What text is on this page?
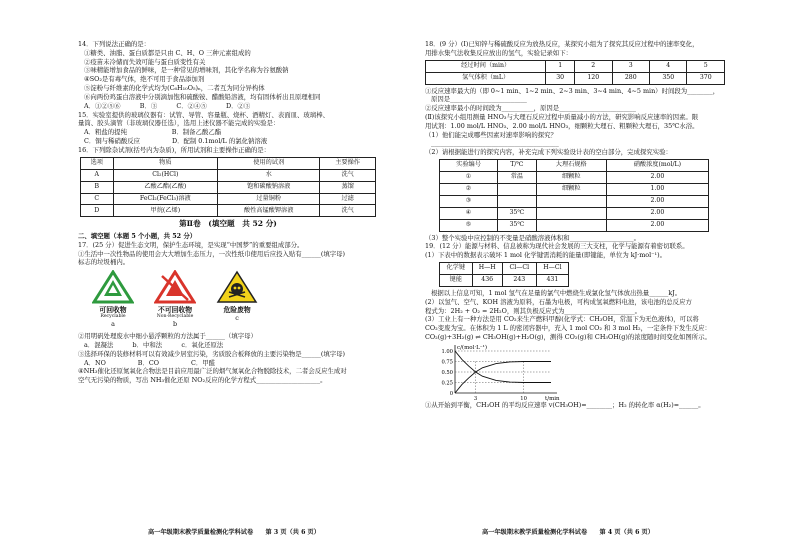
14．下列说法正确的是：
①糖类、油脂、蛋白质都是只由 C、H、O 三种元素组成的
②疫苗未冷储而失效可能与蛋白质变性有关
③味精能增加食品的鲜味，是一种常见的增味剂，其化学名称为谷氨酸钠
④SO₂是有毒气体，绝不可用于食品添加剂
⑤淀粉与纤维素的化学式均为(C₆H₁₀O₅)ₙ，二者互为同分异构体
⑥向两份鸡蛋白溶液中分别滴加饱和硫酸铵、醋酸铅溶液，均有固体析出且原理相同
A．①②⑤⑥　　　B．③　　　C．②④⑤　　　D．②③
15．实验室提供的玻璃仪器有：试管、导管、容量瓶、烧杯、酒精灯、表面皿、玻璃棒、
量筒、胶头滴管（非玻璃仪器任选），选用上述仪器不能完成的实验是：
A．粗盐的提纯　　　　　　　B．制备乙酸乙酯
C．铜与稀硝酸反应　　　　　D．配制 0.1mol/L 的氯化钠溶液
16．下列除杂试剂(括号内为杂质)，所用试剂和主要操作正确的是：
选项	物质	使用的试剂	主要操作
A	Cl₂(HCl)	水	洗气
B	乙酸乙酯(乙酸)	饱和碳酸钠溶液	蒸馏
C	FeCl₂(FeCl₃)溶液	过量铜粉	过滤
D	甲烷(乙烯)	酸性高锰酸钾溶液	洗气
第Ⅱ卷　(填空题　共 52 分)
二、填空题（本题 5 个小题，共 52 分）
17．(25 分）促进生态文明，保护生态环境，是实现“中国梦”的重要组成部分。
①生活中一次性物品的使用会大大增加生态压力，一次性纸巾使用后应投入贴有______(填字母)
标志的垃圾桶内。
可回收物
Recyclable
a

不可回收物
Non-Recyclable
b

危险废物
c
②用明矾处理废水中细小悬浮颗粒的方法属于______（填字母）
a．混凝法　　　b．中和法　　　c．氧化还原法
③选择环保的装修材料可以有效减少居室污染，劣质胶合板释放的主要污染物是______(填字母)
A．NO　　　　　B．CO　　　　　C．甲醛
④NH₃催化还原氮氧化合物法是目前应用最广泛的烟气氮氧化合物脱除技术，二者会反应生成对
空气无污染的物质，写出 NH₃催化还原 NO₂反应的化学方程式____________________。
18．(9 分）(Ⅰ)已知锌与稀硫酸反应为放热反应，某探究小组为了探究其反应过程中的速率变化，
用排水集气法收集反应放出的氢气，实验记录如下：
经过时间（min）	1	2	3	4	5
氢气体积（mL）	30	120	280	350	370
①反应速率最大的（即 0~1 min、1~2 min、2~3 min、3~4 min、4~5 min）时间段为________，
原因是________________________
②反应速率最小的时间段为__________，原因是________________________
(Ⅱ)该探究小组用测量 HNO₃与大理石反应过程中质量减小的方法，研究影响反应速率的因素。限
用试剂：1.00 mol/L HNO₃、2.00 mol/L HNO₃，细颗粒大理石、粗颗粒大理石，35℃水浴。
（1）他们能完成哪些因素对速率影响的探究？
________________________________________
（2）请根据能进行的探究内容，补充完成下列实验设计表的空白部分，完成探究实验：
实验编号	T/℃	大理石规格	硝酸浓度(mol/L)
①	常温	细颗粒	2.00
②		细颗粒	1.00
③			2.00
④	35℃		2.00
⑤	35℃		2.00
（3）整个实验中应控制的不变量是硝酸溶液体积和____________________。
19．(12 分）能源与材料、信息被称为现代社会发展的三大支柱，化学与能源有着密切联系。
(1）下表中的数据表示破坏 1 mol 化学键需消耗的能量(即键能，单位为 kJ·mol⁻¹)。
化学键	H—H	Cl—Cl	H—Cl
键能	436	243	431
根据以上信息可知，1 mol 氢气在足量的氯气中燃烧生成氯化氢气体放出热量______kJ。
(2）以氢气、空气、KOH 溶液为原料，石墨为电极，可构成氢氧燃料电池，该电池的总反应方
程式为：2H₂ + O₂ = 2H₂O，则其负极反应式为______________________。
(3）工业上有一种方法是用 CO₂来生产燃料甲醇(化学式：CH₃OH，常温下为无色液体)，可以将
CO₂变废为宝。在体积为 1 L 的密闭容器中，充入 1 mol CO₂ 和 3 mol H₂，一定条件下发生反应：
CO₂(g)+3H₂(g) ⇌ CH₃OH(g)+H₂O(g)，测得 CO₂(g)和 CH₃OH(g)的浓度随时间变化如图所示。
c/(mol·L⁻¹)
t/min
1.00
0.75
0.50
0.25
0
3	10
①从开始到平衡，CH₃OH 的平均反应速率 v(CH₃OH)=________；H₂ 的转化率 α(H₂)=______。
高一年级期末教学质量检测化学科试卷　　第 3 页（共 6 页）	高一年级期末教学质量检测化学科试卷　　第 4 页（共 6 页）
